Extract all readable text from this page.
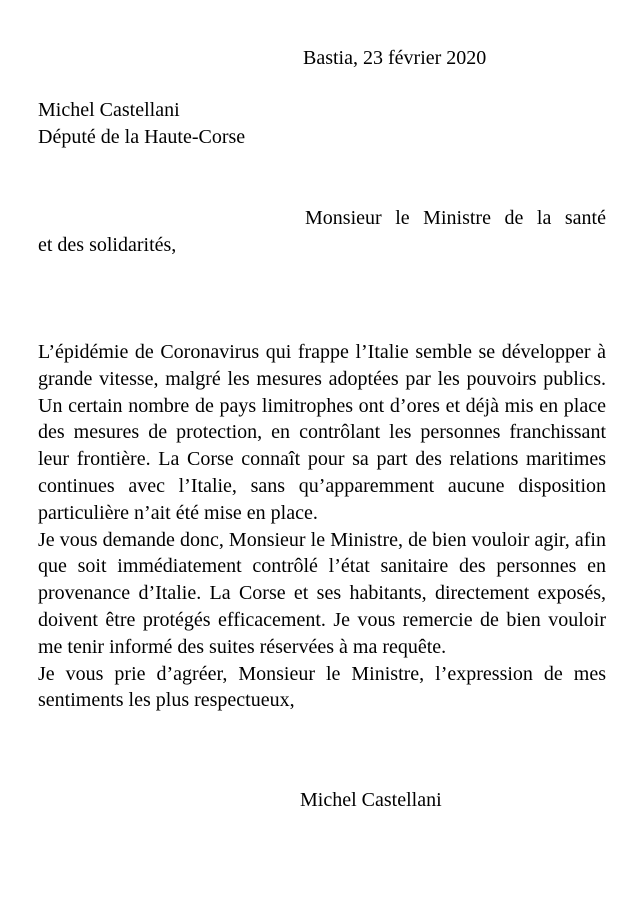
Bastia, 23 février 2020
Michel Castellani
Député de la Haute-Corse
Monsieur le Ministre de la santé
et des solidarités,

L’épidémie de Coronavirus qui frappe l’Italie semble se développer à grande vitesse, malgré les mesures adoptées par les pouvoirs publics. Un certain nombre de pays limitrophes ont d’ores et déjà mis en place des mesures de protection, en contrôlant les personnes franchissant leur frontière. La Corse connaît pour sa part des relations maritimes continues avec l’Italie, sans qu’apparemment aucune disposition particulière n’ait été mise en place.

Je vous demande donc, Monsieur le Ministre, de bien vouloir agir, afin que soit immédiatement contrôlé l’état sanitaire des personnes en provenance d’Italie. La Corse et ses habitants, directement exposés, doivent être protégés efficacement. Je vous remercie de bien vouloir me tenir informé des suites réservées à ma requête.

Je vous prie d’agréer, Monsieur le Ministre, l’expression de mes sentiments les plus respectueux,

Michel Castellani
